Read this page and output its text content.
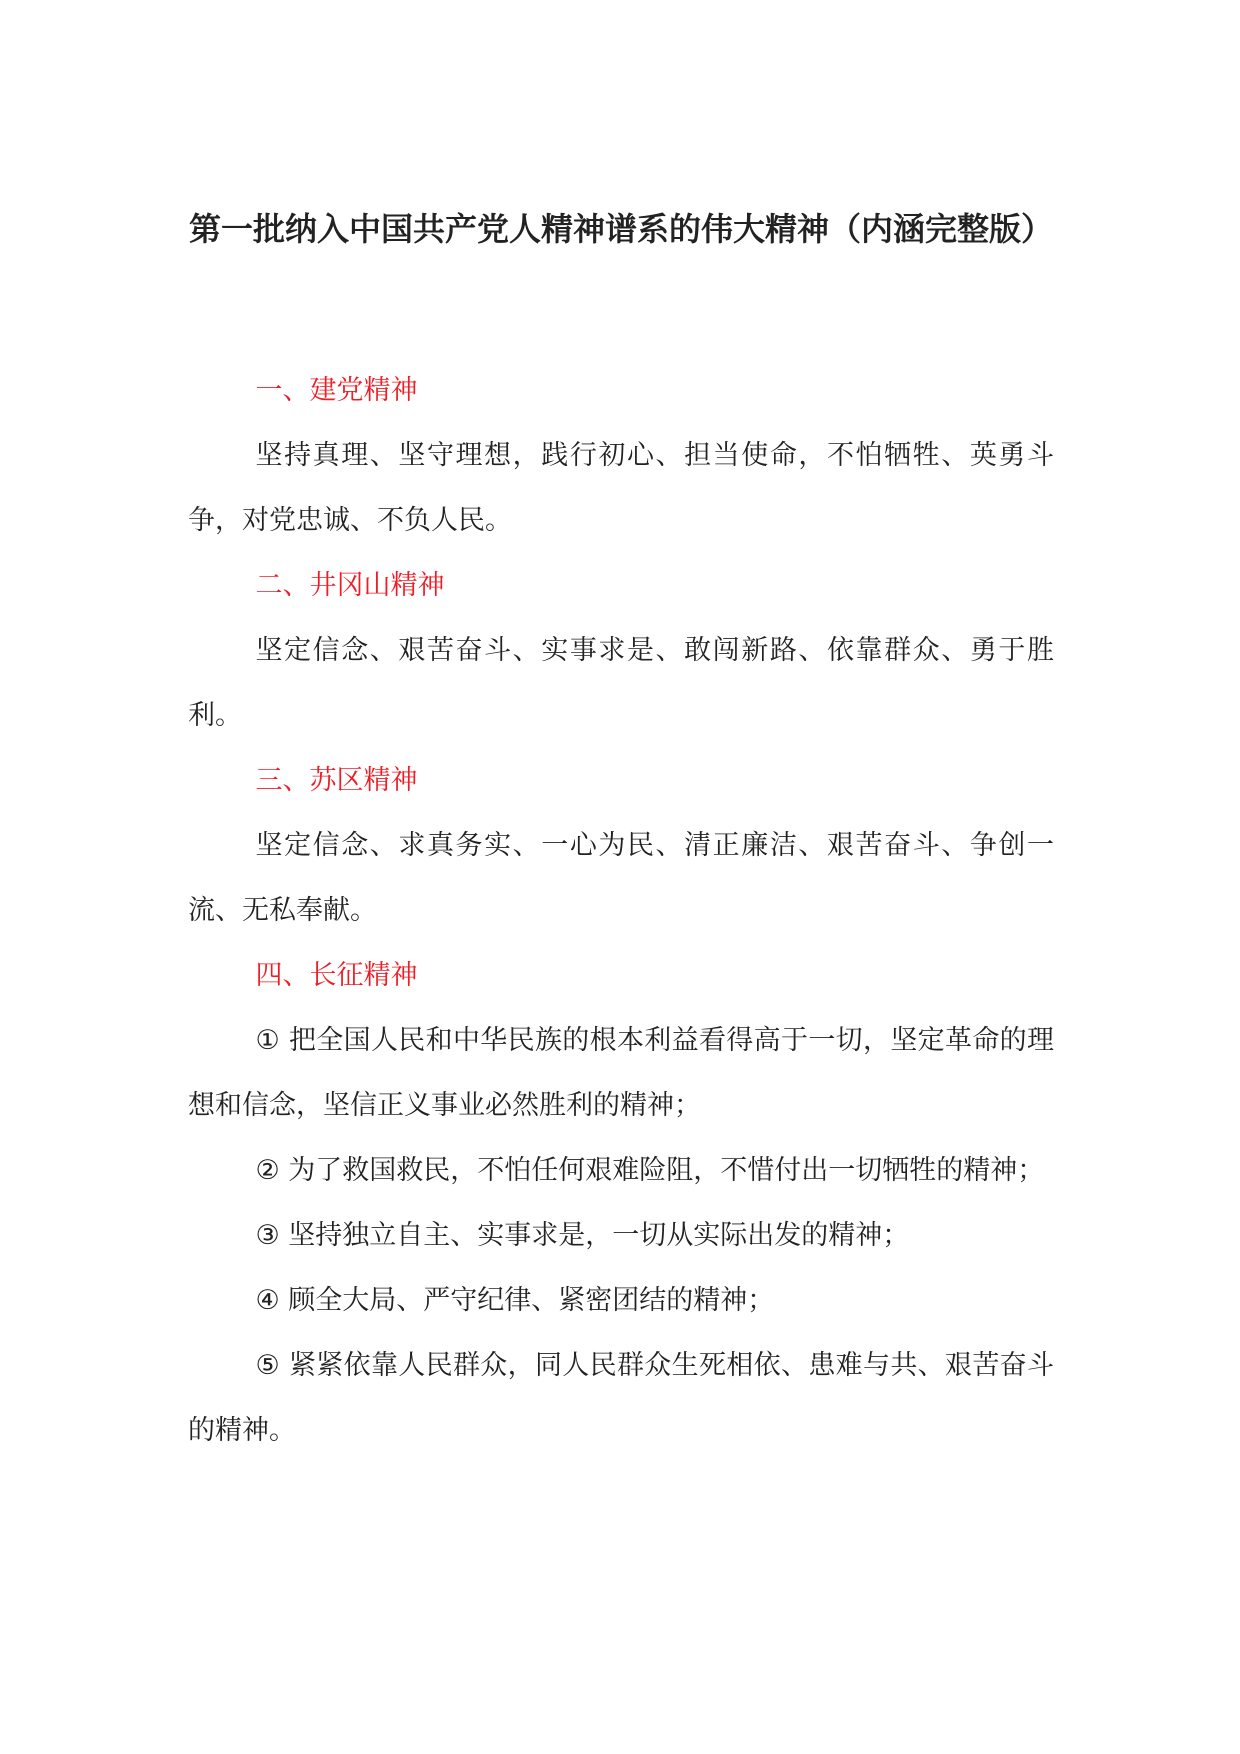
第一批纳入中国共产党人精神谱系的伟大精神（内涵完整版）

一、建党精神

坚持真理、坚守理想，践行初心、担当使命，不怕牺牲、英勇斗争，对党忠诚、不负人民。

二、井冈山精神

坚定信念、艰苦奋斗、实事求是、敢闯新路、依靠群众、勇于胜利。

三、苏区精神

坚定信念、求真务实、一心为民、清正廉洁、艰苦奋斗、争创一流、无私奉献。

四、长征精神

① 把全国人民和中华民族的根本利益看得高于一切，坚定革命的理想和信念，坚信正义事业必然胜利的精神；

② 为了救国救民，不怕任何艰难险阻，不惜付出一切牺牲的精神；

③ 坚持独立自主、实事求是，一切从实际出发的精神；

④ 顾全大局、严守纪律、紧密团结的精神；

⑤ 紧紧依靠人民群众，同人民群众生死相依、患难与共、艰苦奋斗的精神。
